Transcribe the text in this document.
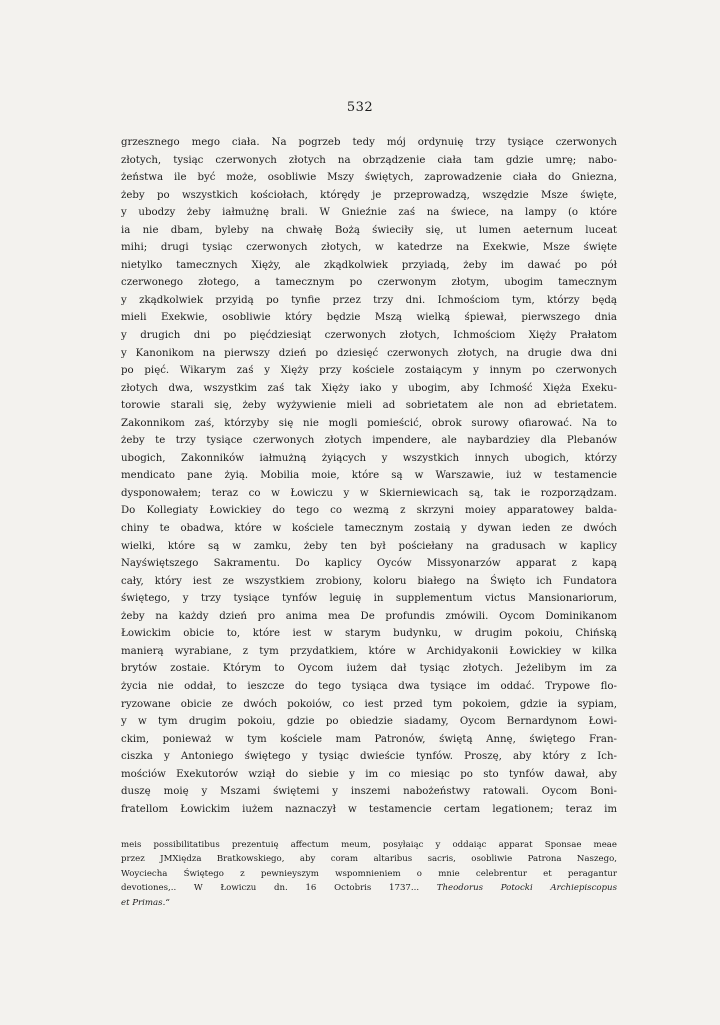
532
grzesznego mego ciała. Na pogrzeb tedy mój ordynuię trzy tysiące czerwonych
złotych, tysiąc czerwonych złotych na obrządzenie ciała tam gdzie umrę; nabo-
żeństwa ile być może, osobliwie Mszy świętych, zaprowadzenie ciała do Gniezna,
żeby po wszystkich kościołach, którędy je przeprowadzą, wszędzie Msze święte,
y ubodzy żeby iałmużnę brali. W Gnieźnie zaś na świece, na lampy (o które
ia nie dbam, byleby na chwałę Bożą świeciły się, ut lumen aeternum luceat
mihi; drugi tysiąc czerwonych złotych, w katedrze na Exekwie, Msze święte
nietylko tamecznych Xięży, ale zkądkolwiek przyiadą, żeby im dawać po pół
czerwonego złotego, a tamecznym po czerwonym złotym, ubogim tamecznym
y zkądkolwiek przyidą po tynfie przez trzy dni. Ichmościom tym, którzy będą
mieli Exekwie, osobliwie który będzie Mszą wielką śpiewał, pierwszego dnia
y drugich dni po pięćdziesiąt czerwonych złotych, Ichmościom Xięży Prałatom
y Kanonikom na pierwszy dzień po dziesięć czerwonych złotych, na drugie dwa dni
po pięć. Wikarym zaś y Xięży przy kościele zostaiącym y innym po czerwonych
złotych dwa, wszystkim zaś tak Xięży iako y ubogim, aby Ichmość Xięża Exeku-
torowie starali się, żeby wyżywienie mieli ad sobrietatem ale non ad ebrietatem.
Zakonnikom zaś, którzyby się nie mogli pomieścić, obrok surowy ofiarować. Na to
żeby te trzy tysiące czerwonych złotych impendere, ale naybardziey dla Plebanów
ubogich, Zakonników iałmużną żyiących y wszystkich innych ubogich, którzy
mendicato pane żyią. Mobilia moie, które są w Warszawie, iuż w testamencie
dysponowałem; teraz co w Łowiczu y w Skierniewicach są, tak ie rozporządzam.
Do Kollegiaty Łowickiey do tego co wezmą z skrzyni moiey apparatowey balda-
chiny te obadwa, które w kościele tamecznym zostaią y dywan ieden ze dwóch
wielki, które są w zamku, żeby ten był pościełany na gradusach w kaplicy
Nayświętszego Sakramentu. Do kaplicy Oyców Missyonarzów apparat z kapą
cały, który iest ze wszystkiem zrobiony, koloru białego na Święto ich Fundatora
świętego, y trzy tysiące tynfów leguię in supplementum victus Mansionariorum,
żeby na każdy dzień pro anima mea De profundis zmówili. Oycom Dominikanom
Łowickim obicie to, które iest w starym budynku, w drugim pokoiu, Chińską
manierą wyrabiane, z tym przydatkiem, które w Archidyakonii Łowickiey w kilka
brytów zostaie. Którym to Oycom iużem dał tysiąc złotych. Jeżelibym im za
życia nie oddał, to ieszcze do tego tysiąca dwa tysiące im oddać. Trypowe flo-
ryzowane obicie ze dwóch pokoiów, co iest przed tym pokoiem, gdzie ia sypiam,
y w tym drugim pokoiu, gdzie po obiedzie siadamy, Oycom Bernardynom Łowi-
ckim, ponieważ w tym kościele mam Patronów, świętą Annę, świętego Fran-
ciszka y Antoniego świętego y tysiąc dwieście tynfów. Proszę, aby który z Ich-
mościów Exekutorów wziął do siebie y im co miesiąc po sto tynfów dawał, aby
duszę moię y Mszami świętemi y inszemi nabożeństwy ratowali. Oycom Boni-
fratellom Łowickim iużem naznaczył w testamencie certam legationem; teraz im
meis possibilitatibus prezentuię affectum meum, posyłaiąc y oddaiąc apparat Sponsae meae
przez JMXiędza Bratkowskiego, aby coram altaribus sacris, osobliwie Patrona Naszego,
Woyciecha Świętego z pewnieyszym wspomnieniem o mnie celebrentur et peragantur
devotiones,.. W Łowiczu dn. 16 Octobris 1737... Theodorus Potocki Archiepiscopus
et Primas.“
